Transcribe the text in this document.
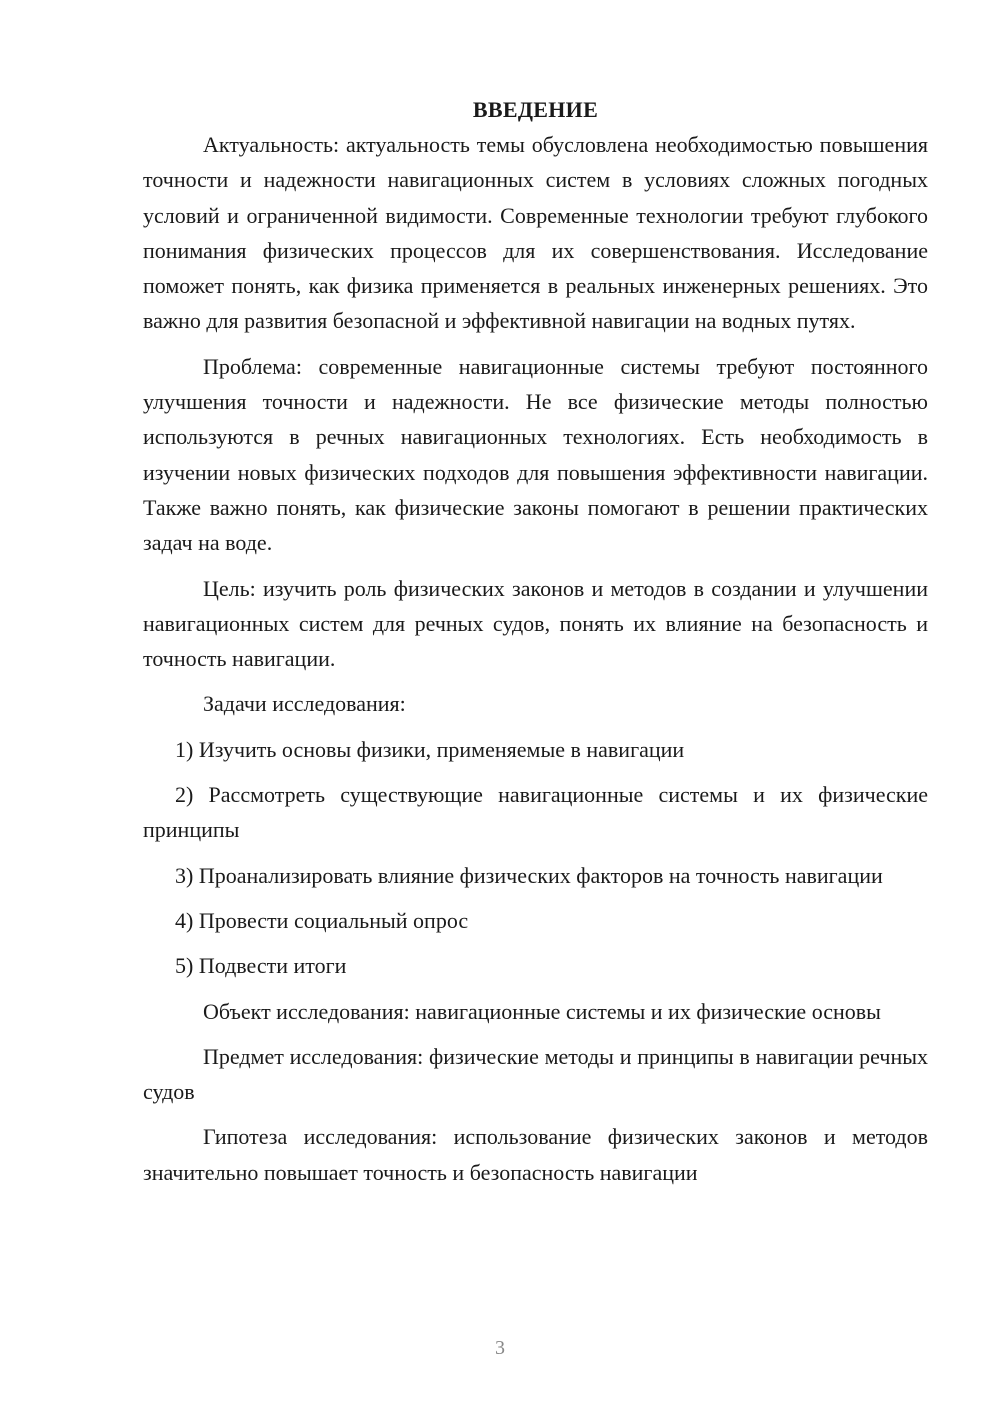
ВВЕДЕНИЕ

Актуальность: актуальность темы обусловлена необходимостью повышения точности и надежности навигационных систем в условиях сложных погодных условий и ограниченной видимости. Современные технологии требуют глубокого понимания физических процессов для их совершенствования. Исследование поможет понять, как физика применяется в реальных инженерных решениях. Это важно для развития безопасной и эффективной навигации на водных путях.

Проблема: современные навигационные системы требуют постоянного улучшения точности и надежности. Не все физические методы полностью используются в речных навигационных технологиях. Есть необходимость в изучении новых физических подходов для повышения эффективности навигации. Также важно понять, как физические законы помогают в решении практических задач на воде.

Цель: изучить роль физических законов и методов в создании и улучшении навигационных систем для речных судов, понять их влияние на безопасность и точность навигации.

Задачи исследования:

1) Изучить основы физики, применяемые в навигации

2) Рассмотреть существующие навигационные системы и их физические принципы

3) Проанализировать влияние физических факторов на точность навигации

4) Провести социальный опрос

5) Подвести итоги

Объект исследования: навигационные системы и их физические основы

Предмет исследования: физические методы и принципы в навигации речных судов

Гипотеза исследования: использование физических законов и методов значительно повышает точность и безопасность навигации

3
